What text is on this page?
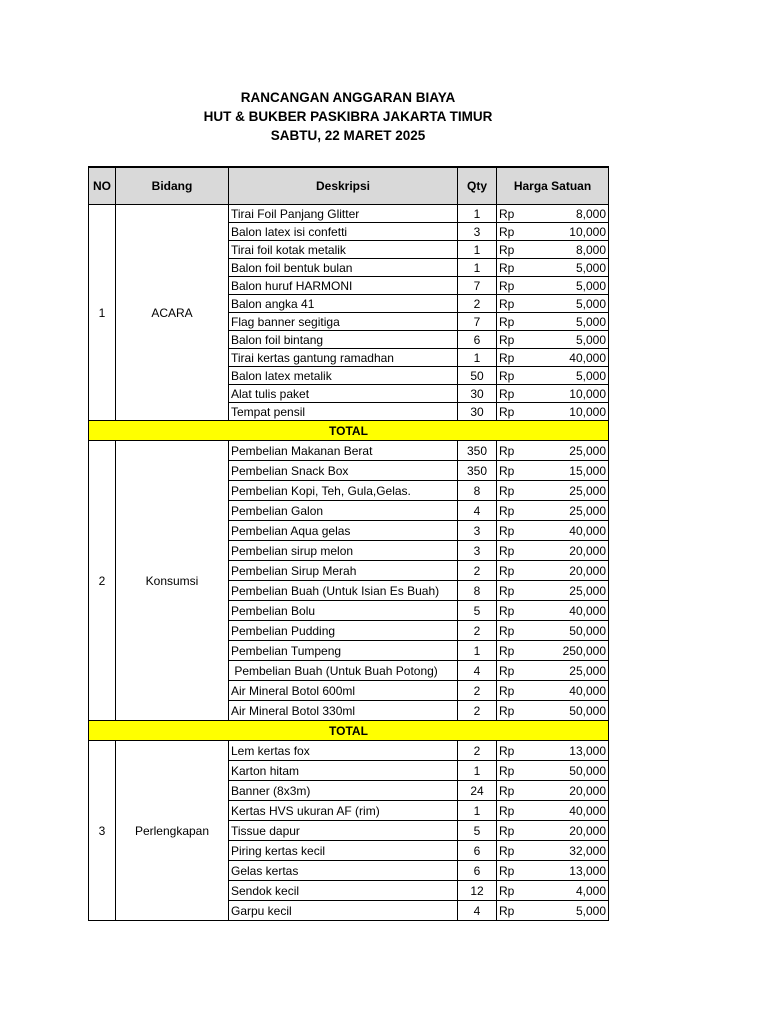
RANCANGAN ANGGARAN BIAYA
HUT & BUKBER PASKIBRA JAKARTA TIMUR
SABTU, 22 MARET 2025
NO	Bidang	Deskripsi	Qty	Harga Satuan
1	ACARA	Tirai Foil Panjang Glitter	1	Rp 8,000

		Balon latex isi confetti	3	Rp 10,000

		Tirai foil kotak metalik	1	Rp 8,000

		Balon foil bentuk bulan	1	Rp 5,000

		Balon huruf HARMONI	7	Rp 5,000

		Balon angka 41	2	Rp 5,000

		Flag banner segitiga	7	Rp 5,000

		Balon foil bintang	6	Rp 5,000

		Tirai kertas gantung ramadhan	1	Rp 40,000

		Balon latex metalik	50	Rp 5,000

		Alat tulis paket	30	Rp 10,000

		Tempat pensil	30	Rp 10,000

TOTAL				
2	Konsumsi	Pembelian Makanan Berat	350	Rp 25,000

		Pembelian Snack Box	350	Rp 15,000

		Pembelian Kopi, Teh, Gula,Gelas.	8	Rp 25,000

		Pembelian Galon	4	Rp 25,000

		Pembelian Aqua gelas	3	Rp 40,000

		Pembelian sirup melon	3	Rp 20,000

		Pembelian Sirup Merah	2	Rp 20,000

		Pembelian Buah (Untuk Isian Es Buah)	8	Rp 25,000

		Pembelian Bolu	5	Rp 40,000

		Pembelian Pudding	2	Rp 50,000

		Pembelian Tumpeng	1	Rp 250,000

		Pembelian Buah (Untuk Buah Potong)	4	Rp 25,000

		Air Mineral Botol 600ml	2	Rp 40,000

		Air Mineral Botol 330ml	2	Rp 50,000

TOTAL				
3	Perlengkapan	Lem kertas fox	2	Rp 13,000

		Karton hitam	1	Rp 50,000

		Banner (8x3m)	24	Rp 20,000

		Kertas HVS ukuran AF (rim)	1	Rp 40,000

		Tissue dapur	5	Rp 20,000

		Piring kertas kecil	6	Rp 32,000

		Gelas kertas	6	Rp 13,000

		Sendok kecil	12	Rp 4,000

		Garpu kecil	4	Rp 5,000
